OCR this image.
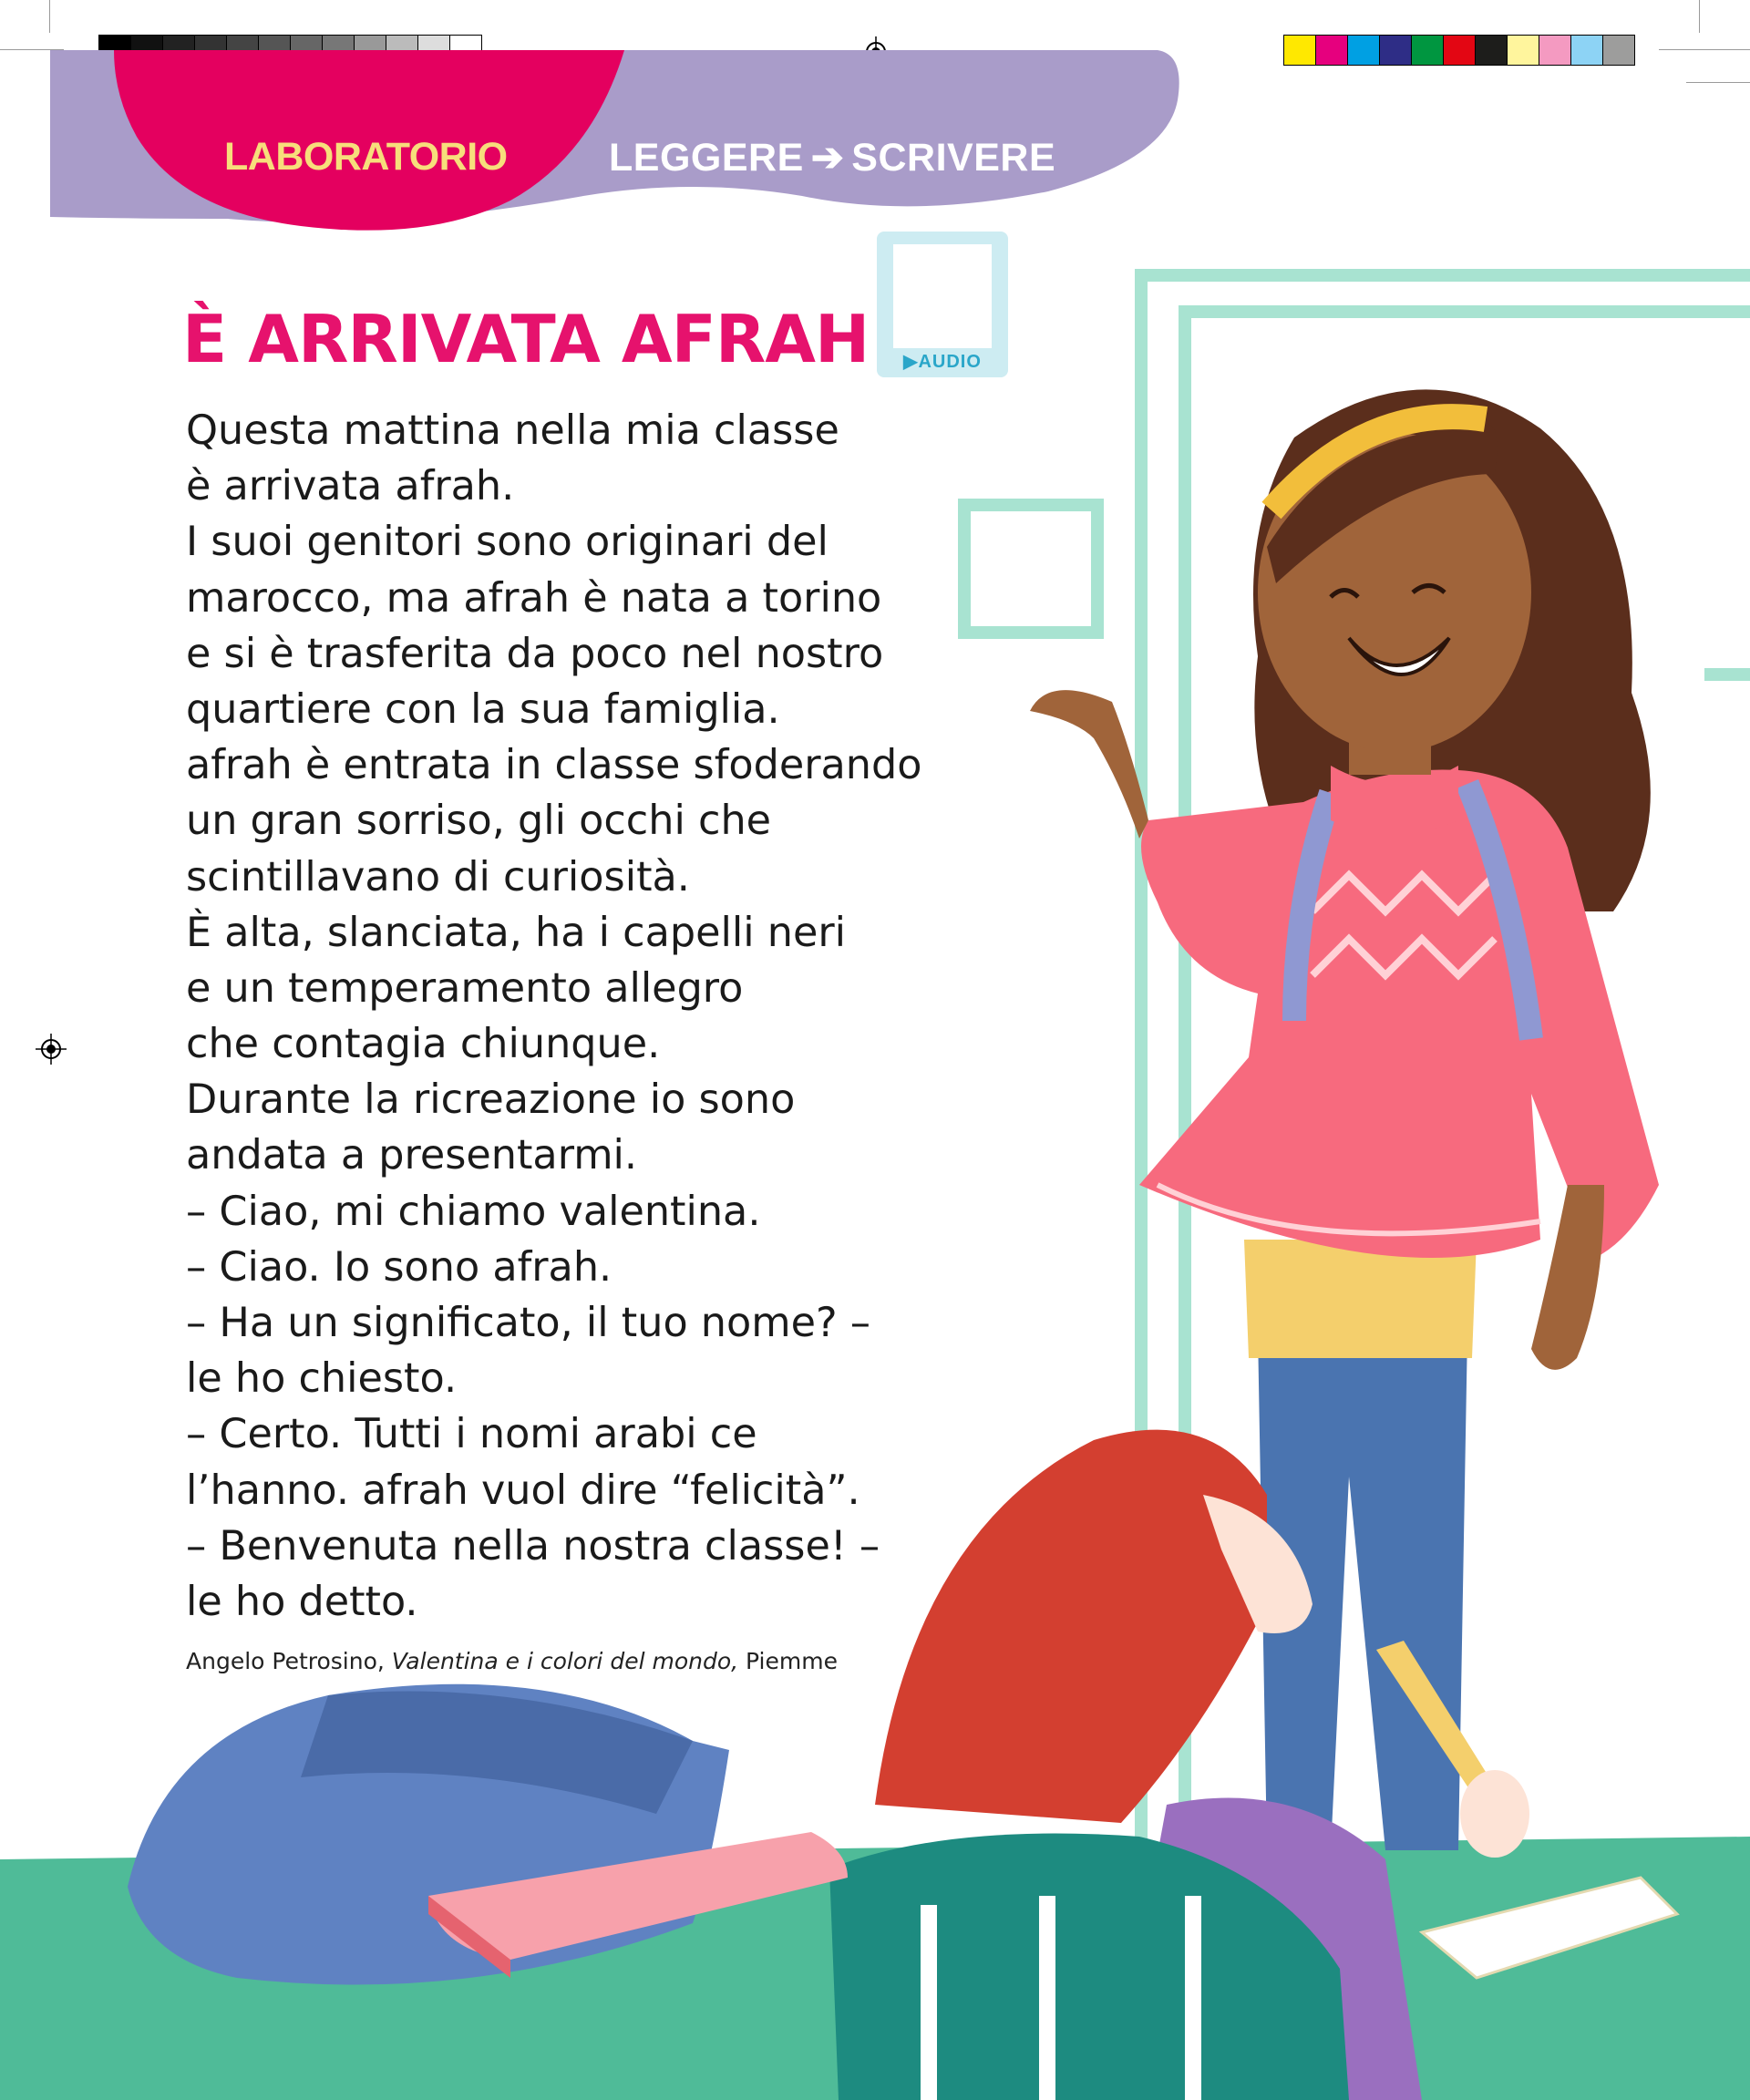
LABORATORIO	LEGGERE ➔ SCRIVERE
È ARRIVATA AFRAH	▶AUDIO
Questa mattina nella mia classe
è arrivata afrah.
I suoi genitori sono originari del
marocco, ma afrah è nata a torino
e si è trasferita da poco nel nostro
quartiere con la sua famiglia.
afrah è entrata in classe sfoderando
un gran sorriso, gli occhi che
scintillavano di curiosità.
È alta, slanciata, ha i capelli neri
e un temperamento allegro
che contagia chiunque.
Durante la ricreazione io sono
andata a presentarmi.
– Ciao, mi chiamo valentina.
– Ciao. Io sono afrah.
– Ha un significato, il tuo nome? –
le ho chiesto.
– Certo. Tutti i nomi arabi ce
l’hanno. afrah vuol dire “felicità”.
– Benvenuta nella nostra classe! –
le ho detto.
Angelo Petrosino, Valentina e i colori del mondo, Piemme
